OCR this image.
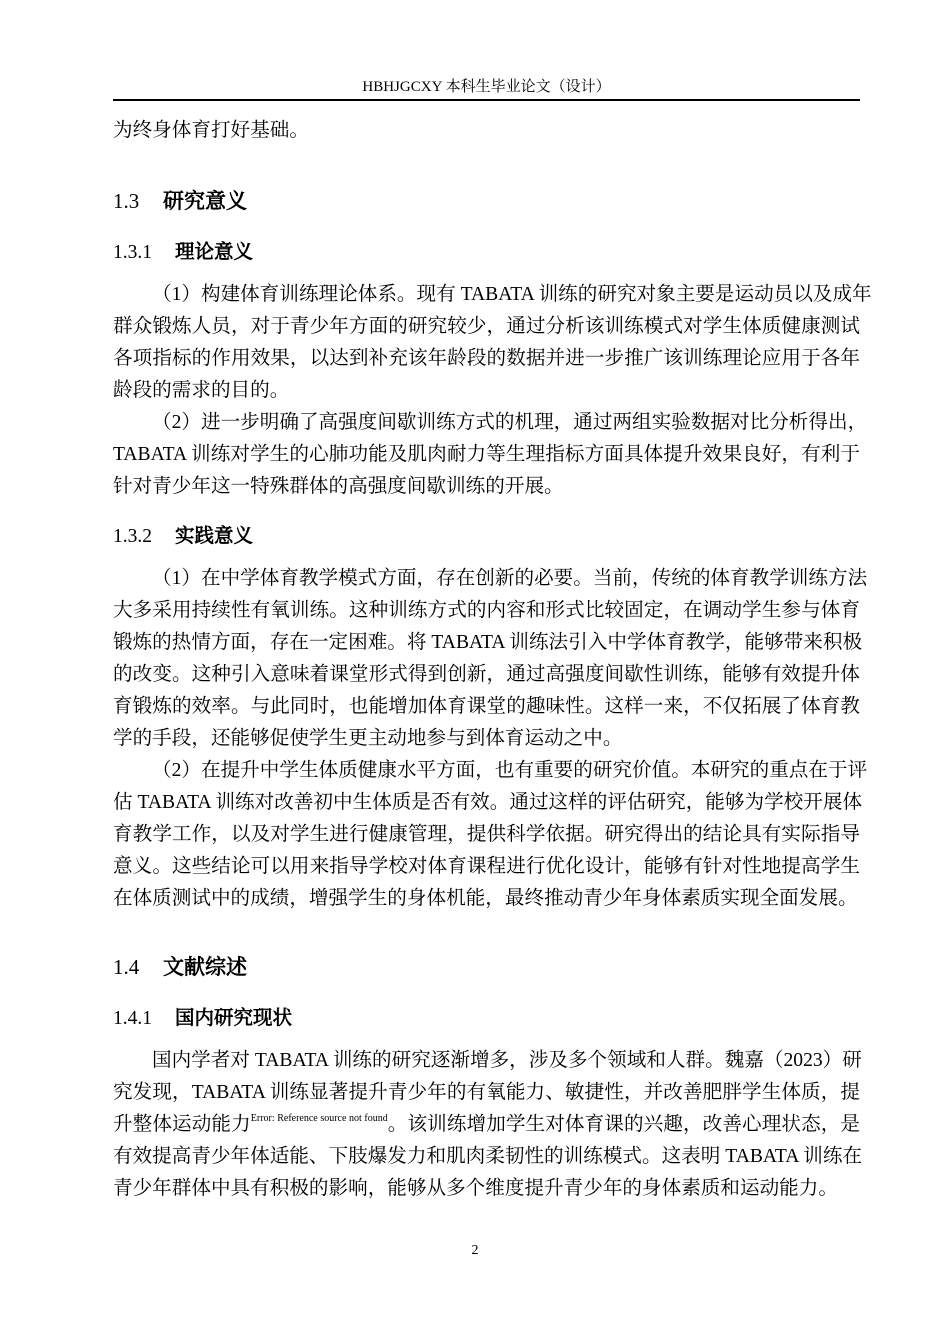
HBHJGCXY 本科生毕业论文（设计）
为终身体育打好基础。
1.3 研究意义
1.3.1 理论意义
（1）构建体育训练理论体系。现有 TABATA 训练的研究对象主要是运动员以及成年
群众锻炼人员，对于青少年方面的研究较少，通过分析该训练模式对学生体质健康测试
各项指标的作用效果，以达到补充该年龄段的数据并进一步推广该训练理论应用于各年
龄段的需求的目的。
（2）进一步明确了高强度间歇训练方式的机理，通过两组实验数据对比分析得出，
TABATA 训练对学生的心肺功能及肌肉耐力等生理指标方面具体提升效果良好，有利于
针对青少年这一特殊群体的高强度间歇训练的开展。
1.3.2 实践意义
（1）在中学体育教学模式方面，存在创新的必要。当前，传统的体育教学训练方法
大多采用持续性有氧训练。这种训练方式的内容和形式比较固定，在调动学生参与体育
锻炼的热情方面，存在一定困难。将 TABATA 训练法引入中学体育教学，能够带来积极
的改变。这种引入意味着课堂形式得到创新，通过高强度间歇性训练，能够有效提升体
育锻炼的效率。与此同时，也能增加体育课堂的趣味性。这样一来，不仅拓展了体育教
学的手段，还能够促使学生更主动地参与到体育运动之中。
（2）在提升中学生体质健康水平方面，也有重要的研究价值。本研究的重点在于评
估 TABATA 训练对改善初中生体质是否有效。通过这样的评估研究，能够为学校开展体
育教学工作，以及对学生进行健康管理，提供科学依据。研究得出的结论具有实际指导
意义。这些结论可以用来指导学校对体育课程进行优化设计，能够有针对性地提高学生
在体质测试中的成绩，增强学生的身体机能，最终推动青少年身体素质实现全面发展。
1.4 文献综述
1.4.1 国内研究现状
国内学者对 TABATA 训练的研究逐渐增多，涉及多个领域和人群。魏嘉（2023）研
究发现，TABATA 训练显著提升青少年的有氧能力、敏捷性，并改善肥胖学生体质，提
升整体运动能力$^{Error: Reference source not found}$。该训练增加学生对体育课的兴趣，改善心理状态，是
有效提高青少年体适能、下肢爆发力和肌肉柔韧性的训练模式。这表明 TABATA 训练在
青少年群体中具有积极的影响，能够从多个维度提升青少年的身体素质和运动能力。
2
